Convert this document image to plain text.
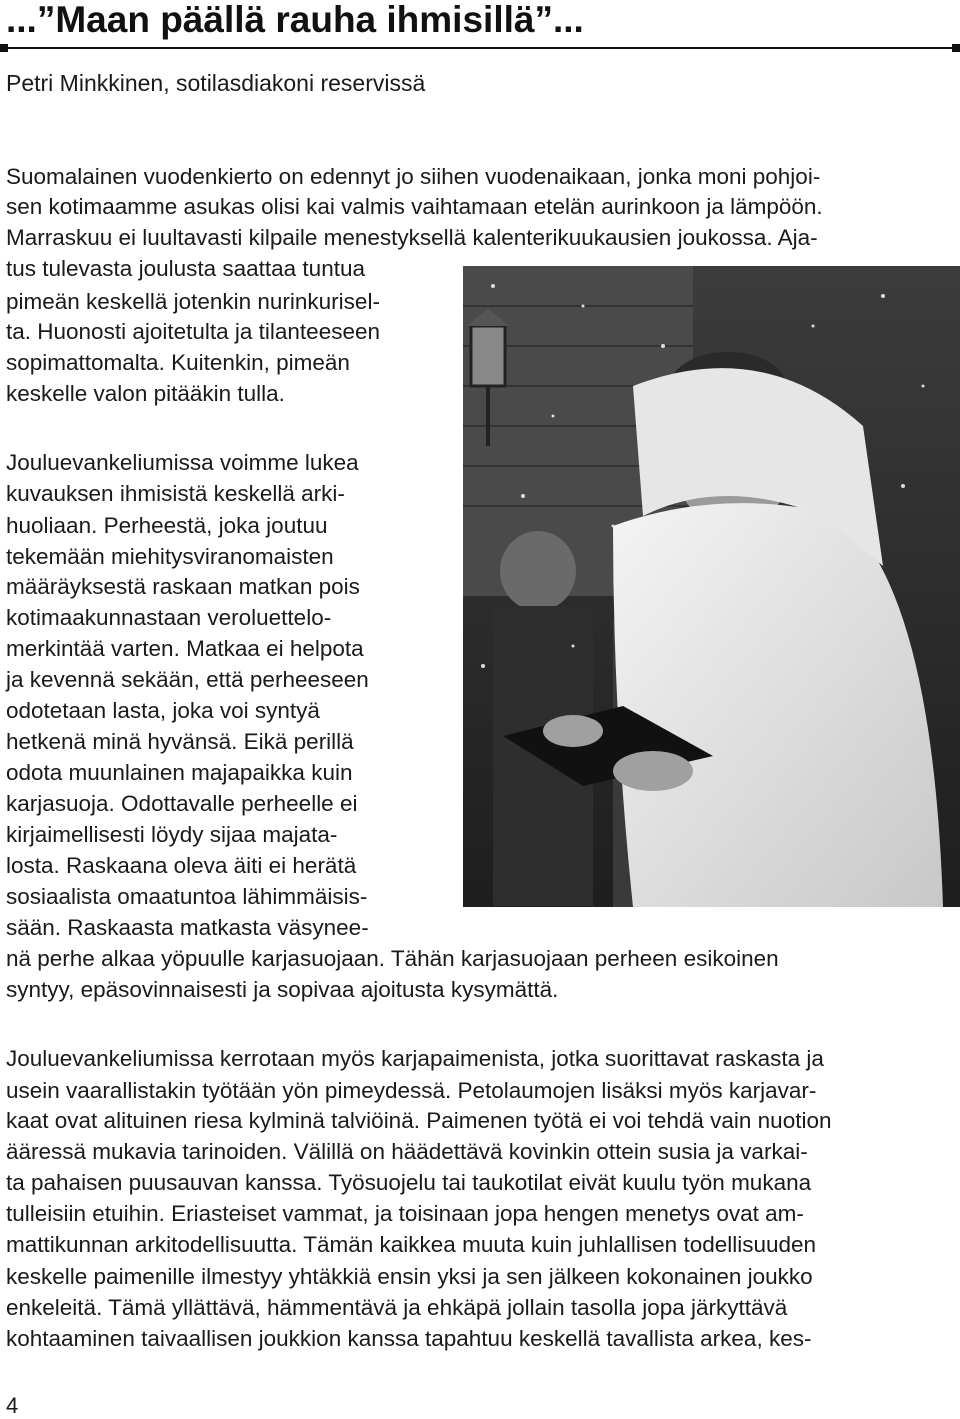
...”Maan päällä rauha ihmisillä”...
Petri Minkkinen, sotilasdiakoni reservissä
Suomalainen vuodenkierto on edennyt jo siihen vuodenaikaan, jonka moni pohjoi-
sen kotimaamme asukas olisi kai valmis vaihtamaan etelän aurinkoon ja lämpöön.
Marraskuu ei luultavasti kilpaile menestyksellä kalenterikuukausien joukossa. Aja-
tus tulevasta joulusta saattaa tuntua
pimeän keskellä jotenkin nurinkurisel-
ta. Huonosti ajoitetulta ja tilanteeseen
sopimattomalta. Kuitenkin, pimeän
keskelle valon pitääkin tulla.
Jouluevankeliumissa voimme lukea
kuvauksen ihmisistä keskellä arki-
huoliaan. Perheestä, joka joutuu
tekemään miehitysviranomaisten
määräyksestä raskaan matkan pois
kotimaakunnastaan veroluettelo-
merkintää varten. Matkaa ei helpota
ja kevennä sekään, että perheeseen
odotetaan lasta, joka voi syntyä
hetkenä minä hyvänsä. Eikä perillä
odota muunlainen majapaikka kuin
karjasuoja. Odottavalle perheelle ei
kirjaimellisesti löydy sijaa majata-
losta. Raskaana oleva äiti ei herätä
sosiaalista omaatuntoa lähimmäisis-
sään. Raskaasta matkasta väsyneе-
nä perhe alkaa yöpuulle karjasuojaan. Tähän karjasuojaan perheen esikoinen
syntyy, epäsovinnaisesti ja sopivaa ajoitusta kysymättä.
Jouluevankeliumissa kerrotaan myös karjapaimenista, jotka suorittavat raskasta ja
usein vaarallistakin työtään yön pimeydessä. Petolaumojen lisäksi myös karjavar-
kaat ovat alituinen riesa kylminä talviöinä. Paimenen työtä ei voi tehdä vain nuotion
ääressä mukavia tarinoiden. Välillä on häädettävä kovinkin ottein susia ja varkai-
ta pahaisen puusauvan kanssa. Työsuojelu tai taukotilat eivät kuulu työn mukana
tulleisiin etuihin. Eriasteiset vammat, ja toisinaan jopa hengen menetys ovat am-
mattikunnan arkitodellisuutta. Tämän kaikkea muuta kuin juhlallisen todellisuuden
keskelle paimenille ilmestyy yhtäkkiä ensin yksi ja sen jälkeen kokonainen joukko
enkeleitä. Tämä yllättävä, hämmentävä ja ehkäpä jollain tasolla jopa järkyttävä
kohtaaminen taivaallisen joukkion kanssa tapahtuu keskellä tavallista arkea, kes-
4
